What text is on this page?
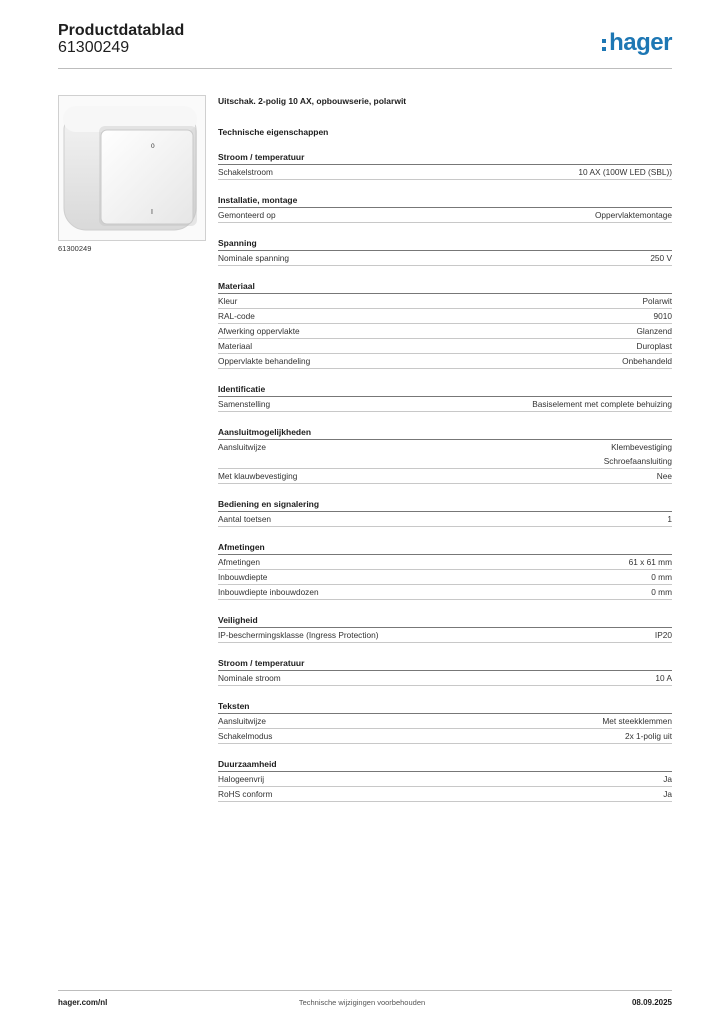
Productdatablad
61300249	hager
0
I
61300249
Uitschak. 2-polig 10 AX, opbouwserie, polarwit
Technische eigenschappen
Stroom / temperatuur
Schakelstroom	10 AX (100W LED (SBL))
Installatie, montage
Gemonteerd op	Oppervlaktemontage
Spanning
Nominale spanning	250 V
Materiaal
Kleur	Polarwit
RAL-code	9010
Afwerking oppervlakte	Glanzend
Materiaal	Duroplast
Oppervlakte behandeling	Onbehandeld
Identificatie
Samenstelling	Basiselement met complete behuizing
Aansluitmogelijkheden
Aansluitwijze	Klembevestiging
Schroefaansluiting
Met klauwbevestiging	Nee
Bediening en signalering
Aantal toetsen	1
Afmetingen
Afmetingen	61 x 61 mm
Inbouwdiepte	0 mm
Inbouwdiepte inbouwdozen	0 mm
Veiligheid
IP-beschermingsklasse (Ingress Protection)	IP20
Stroom / temperatuur
Nominale stroom	10 A
Teksten
Aansluitwijze	Met steekklemmen
Schakelmodus	2x 1-polig uit
Duurzaamheid
Halogeenvrij	Ja
RoHS conform	Ja
hager.com/nl	Technische wijzigingen voorbehouden	08.09.2025
